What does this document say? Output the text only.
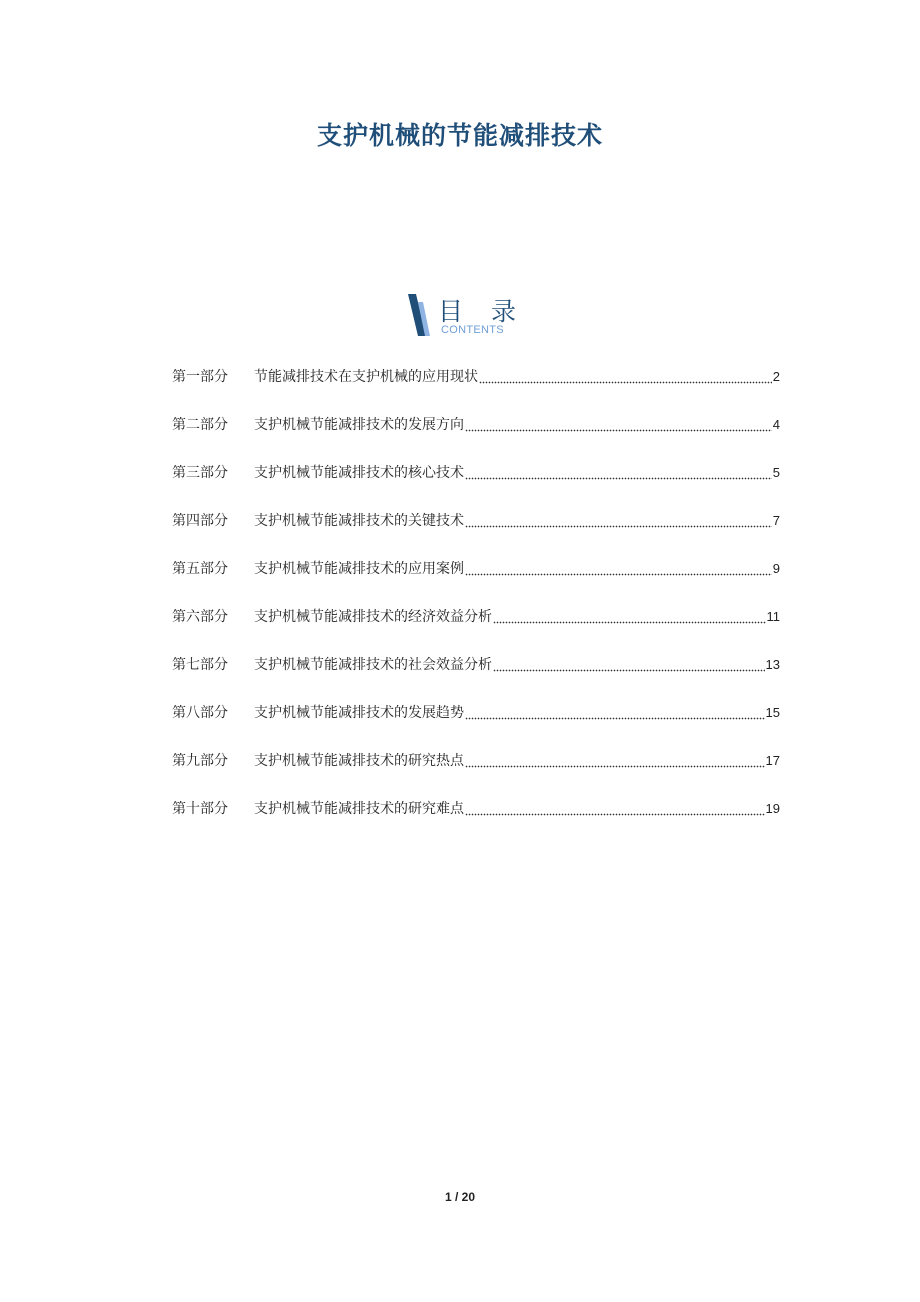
支护机械的节能减排技术
目 录
CONTENTS
第一部分	节能减排技术在支护机械的应用现状	2
第二部分	支护机械节能减排技术的发展方向	4
第三部分	支护机械节能减排技术的核心技术	5
第四部分	支护机械节能减排技术的关键技术	7
第五部分	支护机械节能减排技术的应用案例	9
第六部分	支护机械节能减排技术的经济效益分析	11
第七部分	支护机械节能减排技术的社会效益分析	13
第八部分	支护机械节能减排技术的发展趋势	15
第九部分	支护机械节能减排技术的研究热点	17
第十部分	支护机械节能减排技术的研究难点	19
1 / 20
